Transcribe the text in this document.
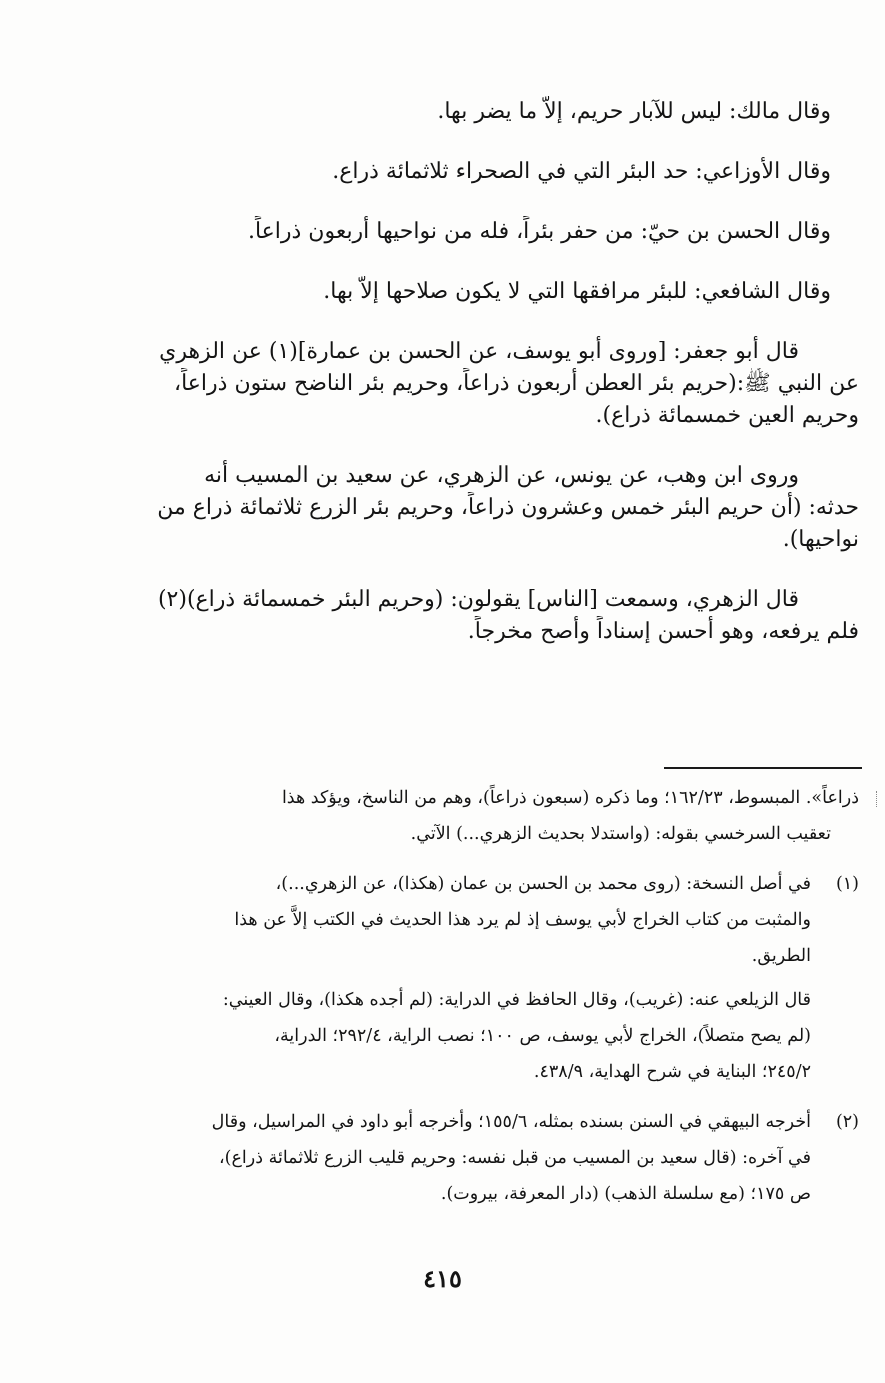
وقال مالك: ليس للآبار حريم، إلاَّ ما يضر بها.

وقال الأوزاعي: حد البئر التي في الصحراء ثلاثمائة ذراع.

وقال الحسن بن حيّ: من حفر بئراً، فله من نواحيها أربعون ذراعاً.

وقال الشافعي: للبئر مرافقها التي لا يكون صلاحها إلاَّ بها.

قال أبو جعفر: [وروى أبو يوسف، عن الحسن بن عمارة](١) عن الزهري

عن النبي ﷺ:(حريم بئر العطن أربعون ذراعاً، وحريم بئر الناضح ستون ذراعاً،

وحريم العين خمسمائة ذراع).

وروى ابن وهب، عن يونس، عن الزهري، عن سعيد بن المسيب أنه

حدثه: (أن حريم البئر خمس وعشرون ذراعاً، وحريم بئر الزرع ثلاثمائة ذراع من

نواحيها).

قال الزهري، وسمعت [الناس] يقولون: (وحريم البئر خمسمائة ذراع)(٢)

فلم يرفعه، وهو أحسن إسناداً وأصح مخرجاً.

ذراعاً». المبسوط، ١٦٢/٢٣؛ وما ذكره (سبعون ذراعاً)، وهم من الناسخ، ويؤكد هذا

تعقيب السرخسي بقوله: (واستدلا بحديث الزهري...) الآتي.

(١)

في أصل النسخة: (روى محمد بن الحسن بن عمان (هكذا)، عن الزهري...)،

والمثبت من كتاب الخراج لأبي يوسف إذ لم يرد هذا الحديث في الكتب إلاَّ عن هذا

الطريق.

قال الزيلعي عنه: (غريب)، وقال الحافظ في الدراية: (لم أجده هكذا)، وقال العيني:

(لم يصح متصلاً)، الخراج لأبي يوسف، ص ١٠٠؛ نصب الراية، ٢٩٢/٤؛ الدراية،

٢٤٥/٢؛ البناية في شرح الهداية، ٤٣٨/٩.

(٢)

أخرجه البيهقي في السنن بسنده بمثله، ١٥٥/٦؛ وأخرجه أبو داود في المراسيل، وقال

في آخره: (قال سعيد بن المسيب من قبل نفسه: وحريم قليب الزرع ثلاثمائة ذراع)،

ص ١٧٥؛ (مع سلسلة الذهب) (دار المعرفة، بيروت).

٤١٥
